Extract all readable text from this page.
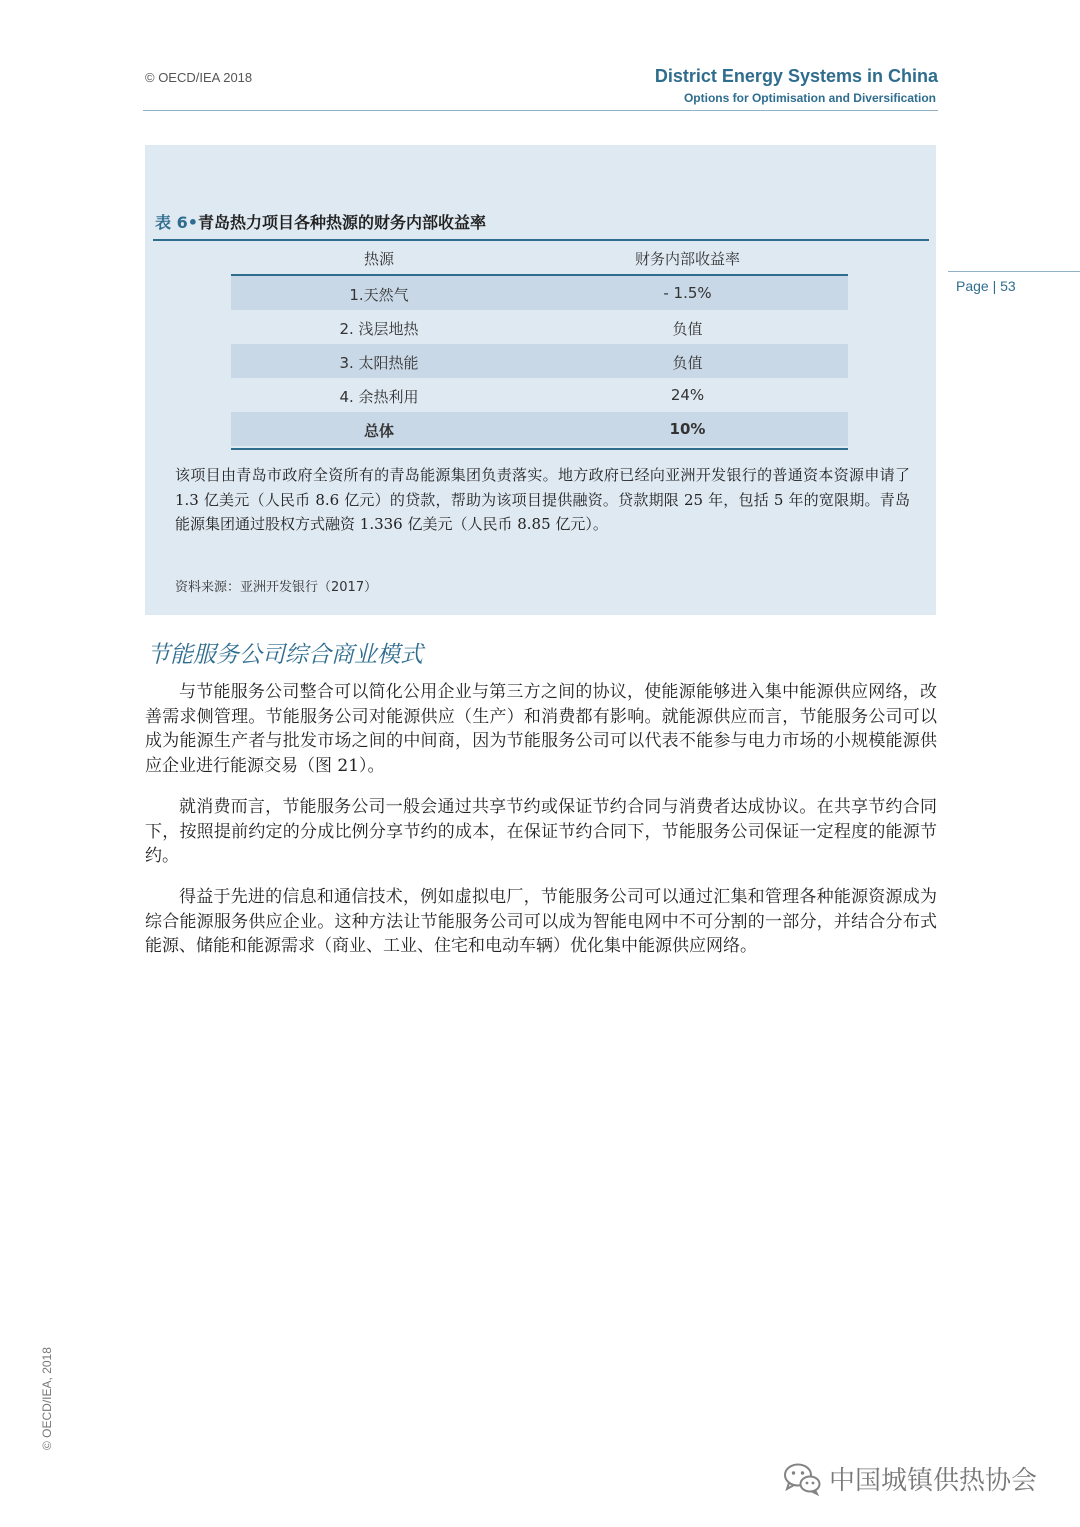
© OECD/IEA 2018	District Energy Systems in China
Options for Optimisation and Diversification
Page | 53
表 6•青岛热力项目各种热源的财务内部收益率
热源	财务内部收益率
1.天然气	- 1.5%
2. 浅层地热	负值
3. 太阳热能	负值
4. 余热利用	24%
总体	10%
该项目由青岛市政府全资所有的青岛能源集团负责落实。地方政府已经向亚洲开发银行的普通资本资源申请了 1.3 亿美元（人民币 8.6 亿元）的贷款，帮助为该项目提供融资。贷款期限 25 年，包括 5 年的宽限期。青岛能源集团通过股权方式融资 1.336 亿美元（人民币 8.85 亿元）。
资料来源：亚洲开发银行（2017）
节能服务公司综合商业模式
与节能服务公司整合可以简化公用企业与第三方之间的协议，使能源能够进入集中能源供应网络，改善需求侧管理。节能服务公司对能源供应（生产）和消费都有影响。就能源供应而言，节能服务公司可以成为能源生产者与批发市场之间的中间商，因为节能服务公司可以代表不能参与电力市场的小规模能源供应企业进行能源交易（图 21）。
就消费而言，节能服务公司一般会通过共享节约或保证节约合同与消费者达成协议。在共享节约合同下，按照提前约定的分成比例分享节约的成本，在保证节约合同下，节能服务公司保证一定程度的能源节约。
得益于先进的信息和通信技术，例如虚拟电厂，节能服务公司可以通过汇集和管理各种能源资源成为综合能源服务供应企业。这种方法让节能服务公司可以成为智能电网中不可分割的一部分，并结合分布式能源、储能和能源需求（商业、工业、住宅和电动车辆）优化集中能源供应网络。
© OECD/IEA, 2018
中国城镇供热协会
